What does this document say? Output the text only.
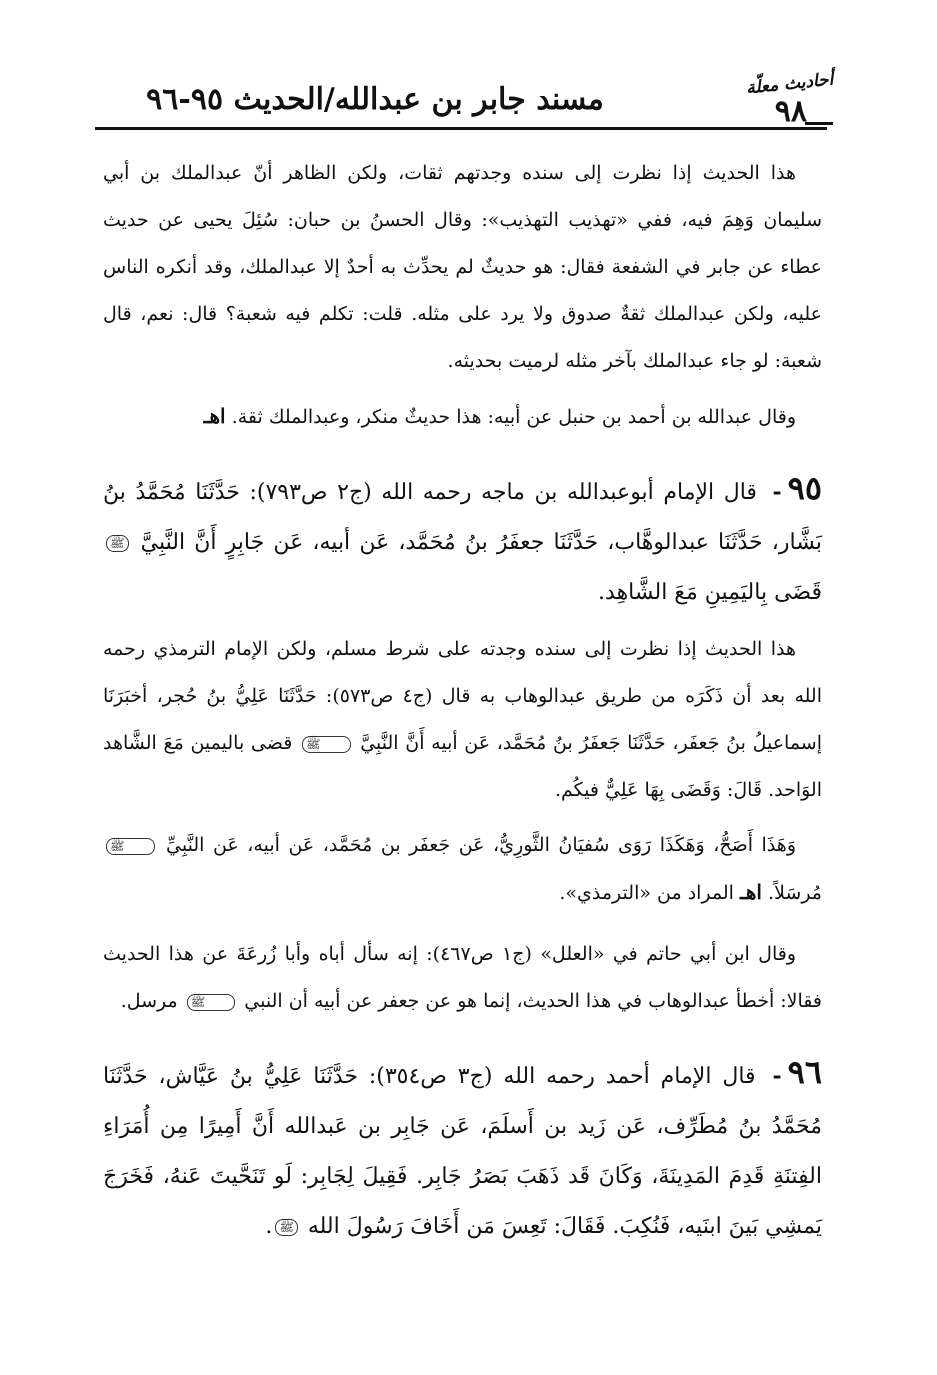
أحاديث معلّة
٩٨
مسند جابر بن عبدالله/الحديث ٩٥-٩٦

هذا الحديث إذا نظرت إلى سنده وجدتهم ثقات، ولكن الظاهر أنّ عبدالملك بن أبي سليمان وَهِمَ فيه، ففي «تهذيب التهذيب»: وقال الحسنُ بن حبان: سُئِلَ يحيى عن حديث عطاء عن جابر في الشفعة فقال: هو حديثٌ لم يحدِّث به أحدٌ إلا عبدالملك، وقد أنكره الناس عليه، ولكن عبدالملك ثقةٌ صدوق ولا يرد على مثله. قلت: تكلم فيه شعبة؟ قال: نعم، قال شعبة: لو جاء عبدالملك بآخر مثله لرميت بحديثه.

وقال عبدالله بن أحمد بن حنبل عن أبيه: هذا حديثٌ منكر، وعبدالملك ثقة. اهـ

٩٥- قال الإمام أبوعبدالله بن ماجه رحمه الله (ج٢ ص٧٩٣): حَدَّثَنَا مُحَمَّدُ بنُ بَشَّار، حَدَّثَنَا عبدالوهَّاب، حَدَّثَنَا جعفَرُ بنُ مُحَمَّد، عَن أبيه، عَن جَابِرٍ أَنَّ النَّبِيَّ ﷺ قَضَى بِاليَمِينِ مَعَ الشَّاهِد.

هذا الحديث إذا نظرت إلى سنده وجدته على شرط مسلم، ولكن الإمام الترمذي رحمه الله بعد أن ذَكَرَه من طريق عبدالوهاب به قال (ج٤ ص٥٧٣): حَدَّثَنَا عَلِيُّ بنُ حُجر، أخبَرَنَا إسماعيلُ بنُ جَعفَر، حَدَّثَنَا جَعفَرُ بنُ مُحَمَّد، عَن أبيه أَنَّ النَّبِيَّ ﷺ قضى باليمين مَعَ الشَّاهد الوَاحد. قَالَ: وَقَضَى بِهَا عَلِيٌّ فيكُم.

وَهَذَا أَصَحُّ، وَهَكَذَا رَوَى سُفيَانُ الثَّورِيُّ، عَن جَعفَر بن مُحَمَّد، عَن أبيه، عَن النَّبِيِّ ﷺ مُرسَلاً. اهـ المراد من «الترمذي».

وقال ابن أبي حاتم في «العلل» (ج١ ص٤٦٧): إنه سأل أباه وأبا زُرعَةَ عن هذا الحديث فقالا: أخطأ عبدالوهاب في هذا الحديث، إنما هو عن جعفر عن أبيه أن النبي ﷺ مرسل.

٩٦- قال الإمام أحمد رحمه الله (ج٣ ص٣٥٤): حَدَّثَنَا عَلِيُّ بنُ عَيَّاش، حَدَّثَنَا مُحَمَّدُ بنُ مُطَرِّف، عَن زَيد بن أَسلَمَ، عَن جَابِر بن عَبدالله أَنَّ أَمِيرًا مِن أُمَرَاءِ الفِتنَةِ قَدِمَ المَدِينَةَ، وَكَانَ قَد ذَهَبَ بَصَرُ جَابِر. فَقِيلَ لِجَابِر: لَو تَنَحَّيتَ عَنهُ، فَخَرَجَ يَمشِي بَينَ ابنَيه، فَنُكِبَ. فَقَالَ: تَعِسَ مَن أَخَافَ رَسُولَ الله ﷺ.
